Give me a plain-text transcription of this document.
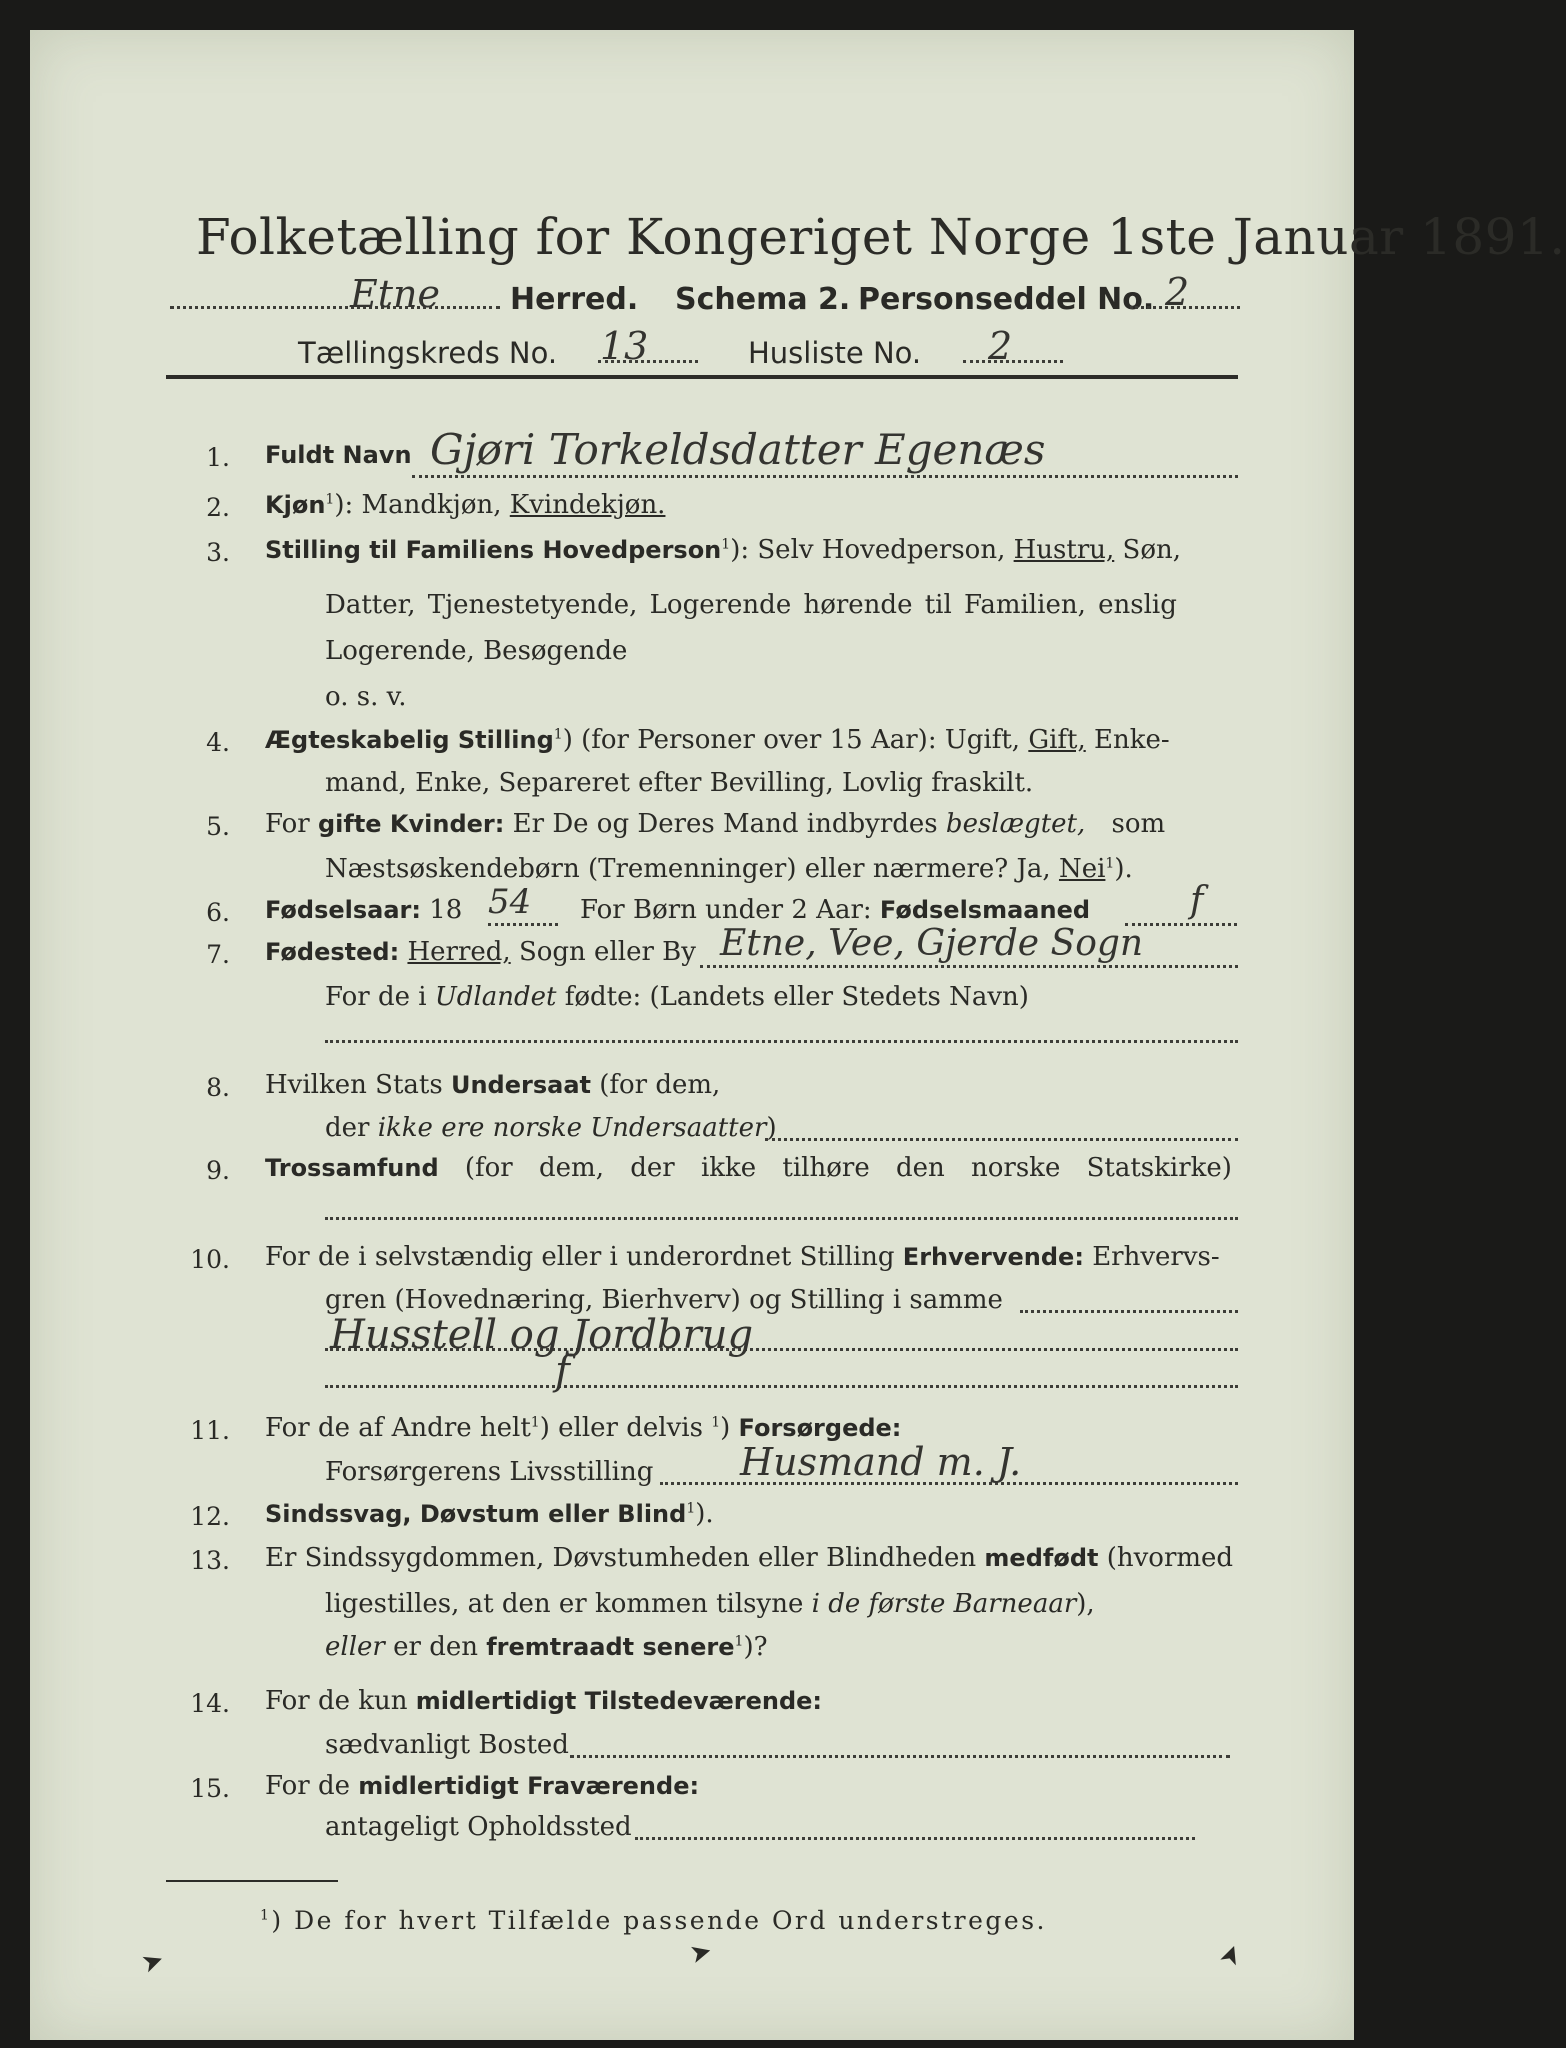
Folketælling for Kongeriget Norge 1ste Januar 1891.
Etne Herred. Schema 2. Personseddel No. 2
Tællingskreds No. 13	Husliste No. 2
1. Fuldt Navn Gjøri Torkeldsdatter Egenæs
2. Kjøn$^1$): Mandkjøn, Kvindekjøn.
3. Stilling til Familiens Hovedperson$^1$): Selv Hovedperson, Hustru, Søn,
Datter, Tjenestetyende, Logerende hørende til Familien, enslig
Logerende, Besøgende
o. s. v.
4. Ægteskabelig Stilling$^1$) (for Personer over 15 Aar): Ugift, Gift, Enke-
mand, Enke, Separeret efter Bevilling, Lovlig fraskilt.
5. For gifte Kvinder: Er De og Deres Mand indbyrdes beslægtet, som
Næstsøskendebørn (Tremenninger) eller nærmere? Ja, Nei$^1$).
6. Fødselsaar: 18 54 For Børn under 2 Aar: Fødselsmaaned	f
7. Fødested: Herred, Sogn eller By Etne, Vee, Gjerde Sogn
For de i Udlandet fødte: (Landets eller Stedets Navn)
8. Hvilken Stats Undersaat (for dem,
der ikke ere norske Undersaatter)
9. Trossamfund (for dem, der ikke tilhøre den norske Statskirke)
10. For de i selvstændig eller i underordnet Stilling Erhvervende: Erhvervs-
gren (Hovednæring, Bierhverv) og Stilling i samme
Husstell og Jordbrug
f
11. For de af Andre helt$^1$) eller delvis $^1$) Forsørgede:
Forsørgerens Livsstilling Husmand m. J.
12. Sindssvag, Døvstum eller Blind$^1$).
13. Er Sindssygdommen, Døvstumheden eller Blindheden medfødt (hvormed
ligestilles, at den er kommen tilsyne i de første Barneaar),
eller er den fremtraadt senere$^1$)?
14. For de kun midlertidigt Tilstedeværende:
sædvanligt Bosted
15. For de midlertidigt Fraværende:
antageligt Opholdssted
$^1$) De for hvert Tilfælde passende Ord understreges.
➤	➤	➤
